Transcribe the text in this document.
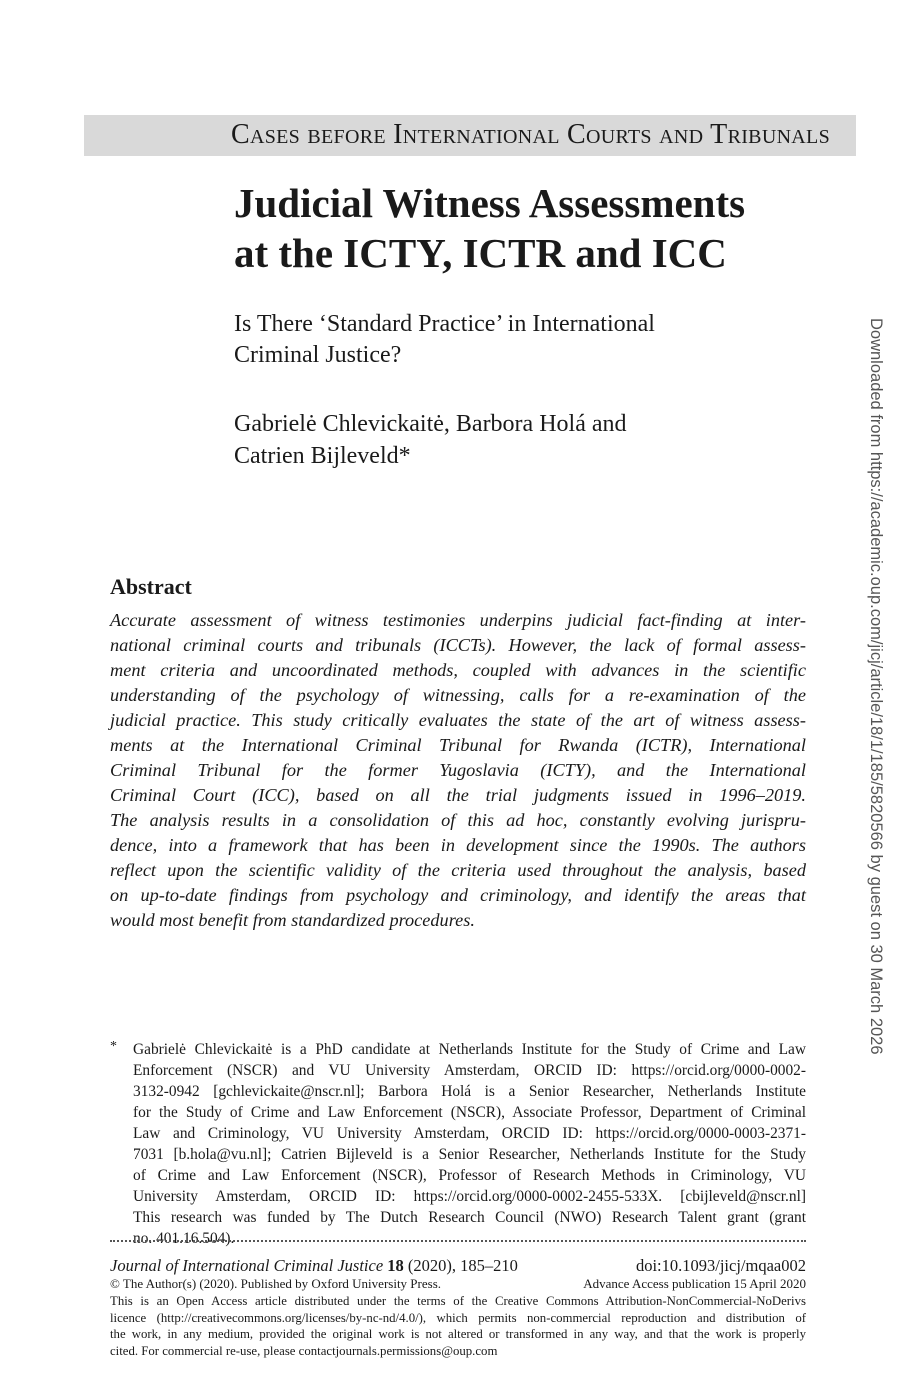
Cases before International Courts and Tribunals
Judicial Witness Assessments
at the ICTY, ICTR and ICC
Is There ‘Standard Practice’ in International
Criminal Justice?
Gabrielė Chlevickaitė, Barbora Holá and
Catrien Bijleveld*
Abstract
Accurate assessment of witness testimonies underpins judicial fact-finding at inter-
national criminal courts and tribunals (ICCTs). However, the lack of formal assess-
ment criteria and uncoordinated methods, coupled with advances in the scientific
understanding of the psychology of witnessing, calls for a re-examination of the
judicial practice. This study critically evaluates the state of the art of witness assess-
ments at the International Criminal Tribunal for Rwanda (ICTR), International
Criminal Tribunal for the former Yugoslavia (ICTY), and the International
Criminal Court (ICC), based on all the trial judgments issued in 1996–2019.
The analysis results in a consolidation of this ad hoc, constantly evolving jurispru-
dence, into a framework that has been in development since the 1990s. The authors
reflect upon the scientific validity of the criteria used throughout the analysis, based
on up-to-date findings from psychology and criminology, and identify the areas that
would most benefit from standardized procedures.
* Gabrielė Chlevickaitė is a PhD candidate at Netherlands Institute for the Study of Crime and Law
Enforcement (NSCR) and VU University Amsterdam, ORCID ID: https://orcid.org/0000-0002-
3132-0942 [gchlevickaite@nscr.nl]; Barbora Holá is a Senior Researcher, Netherlands Institute
for the Study of Crime and Law Enforcement (NSCR), Associate Professor, Department of Criminal
Law and Criminology, VU University Amsterdam, ORCID ID: https://orcid.org/0000-0003-2371-
7031 [b.hola@vu.nl]; Catrien Bijleveld is a Senior Researcher, Netherlands Institute for the Study
of Crime and Law Enforcement (NSCR), Professor of Research Methods in Criminology, VU
University Amsterdam, ORCID ID: https://orcid.org/0000-0002-2455-533X. [cbijleveld@nscr.nl]
This research was funded by The Dutch Research Council (NWO) Research Talent grant (grant
no. 401.16.504).
Journal of International Criminal Justice 18 (2020), 185–210	doi:10.1093/jicj/mqaa002
© The Author(s) (2020). Published by Oxford University Press.	Advance Access publication 15 April 2020
This is an Open Access article distributed under the terms of the Creative Commons Attribution-NonCommercial-NoDerivs
licence (http://creativecommons.org/licenses/by-nc-nd/4.0/), which permits non-commercial reproduction and distribution of
the work, in any medium, provided the original work is not altered or transformed in any way, and that the work is properly
cited. For commercial re-use, please contactjournals.permissions@oup.com
Downloaded from https://academic.oup.com/jicj/article/18/1/185/5820566 by guest on 30 March 2026
